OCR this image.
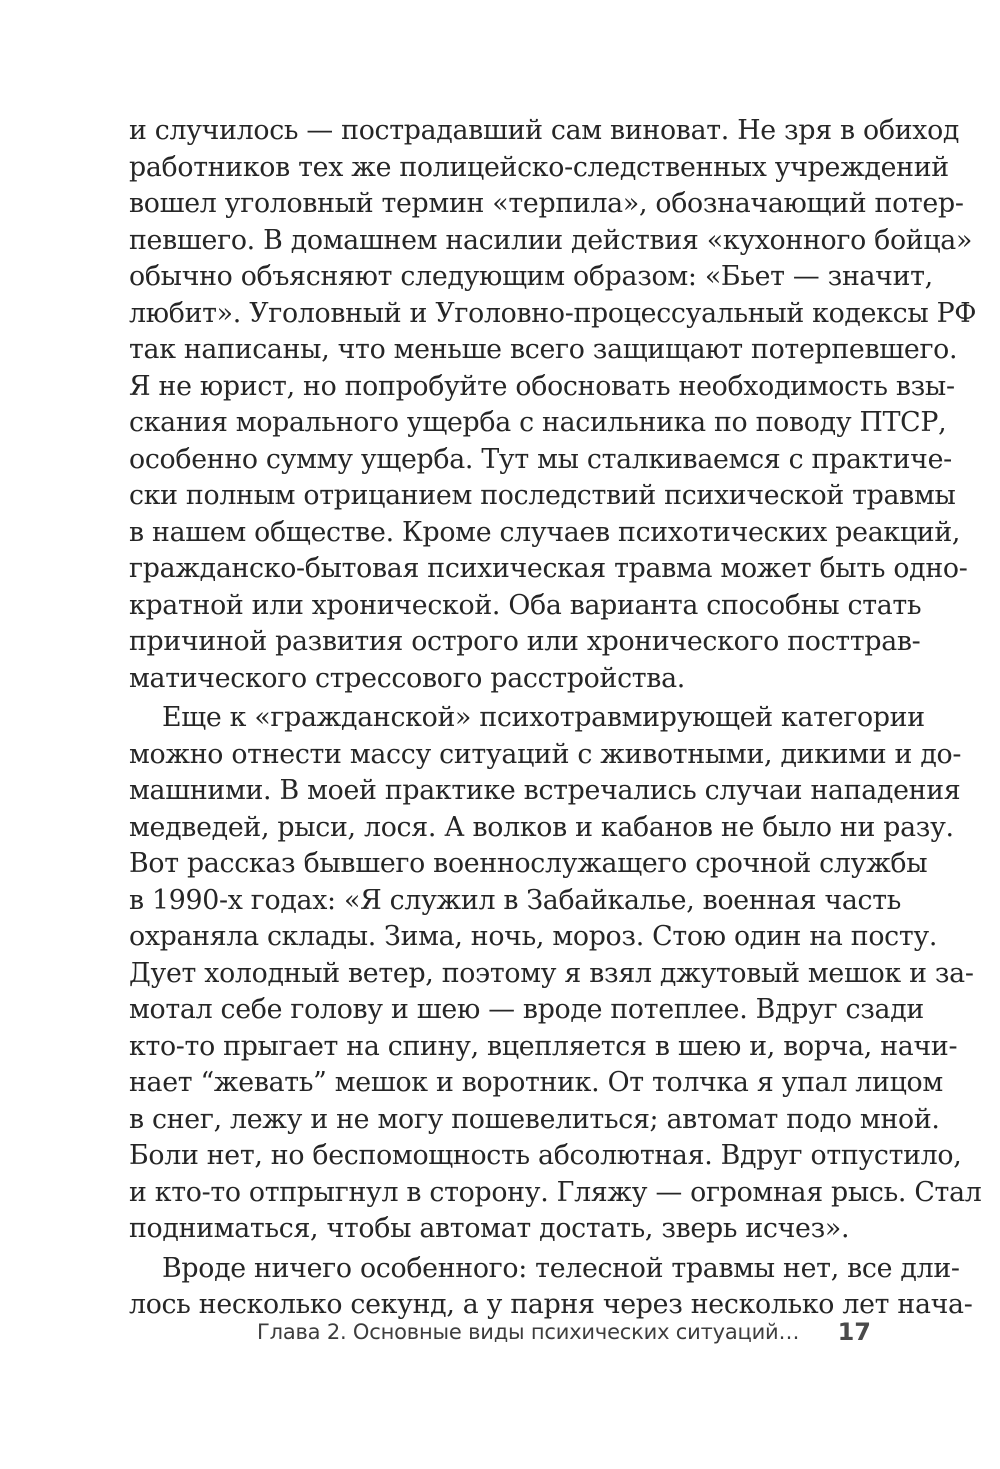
и случилось — пострадавший сам виноват. Не зря в обиход
работников тех же полицейско-следственных учреждений
вошел уголовный термин «терпила», обозначающий потер-
певшего. В домашнем насилии действия «кухонного бойца»
обычно объясняют следующим образом: «Бьет — значит,
любит». Уголовный и Уголовно-процессуальный кодексы РФ
так написаны, что меньше всего защищают потерпевшего.
Я не юрист, но попробуйте обосновать необходимость взы-
скания морального ущерба с насильника по поводу ПТСР,
особенно сумму ущерба. Тут мы сталкиваемся с практиче-
ски полным отрицанием последствий психической травмы
в нашем обществе. Кроме случаев психотических реакций,
гражданско-бытовая психическая травма может быть одно-
кратной или хронической. Оба варианта способны стать
причиной развития острого или хронического посттрав-
матического стрессового расстройства.
Еще к «гражданской» психотравмирующей категории
можно отнести массу ситуаций с животными, дикими и до-
машними. В моей практике встречались случаи нападения
медведей, рыси, лося. А волков и кабанов не было ни разу.
Вот рассказ бывшего военнослужащего срочной службы
в 1990-х годах: «Я служил в Забайкалье, военная часть
охраняла склады. Зима, ночь, мороз. Стою один на посту.
Дует холодный ветер, поэтому я взял джутовый мешок и за-
мотал себе голову и шею — вроде потеплее. Вдруг сзади
кто-то прыгает на спину, вцепляется в шею и, ворча, начи-
нает “жевать” мешок и воротник. От толчка я упал лицом
в снег, лежу и не могу пошевелиться; автомат подо мной.
Боли нет, но беспомощность абсолютная. Вдруг отпустило,
и кто-то отпрыгнул в сторону. Гляжу — огромная рысь. Стал
подниматься, чтобы автомат достать, зверь исчез».
Вроде ничего особенного: телесной травмы нет, все дли-
лось несколько секунд, а у парня через несколько лет нача-
Глава 2. Основные виды психических ситуаций… 17
